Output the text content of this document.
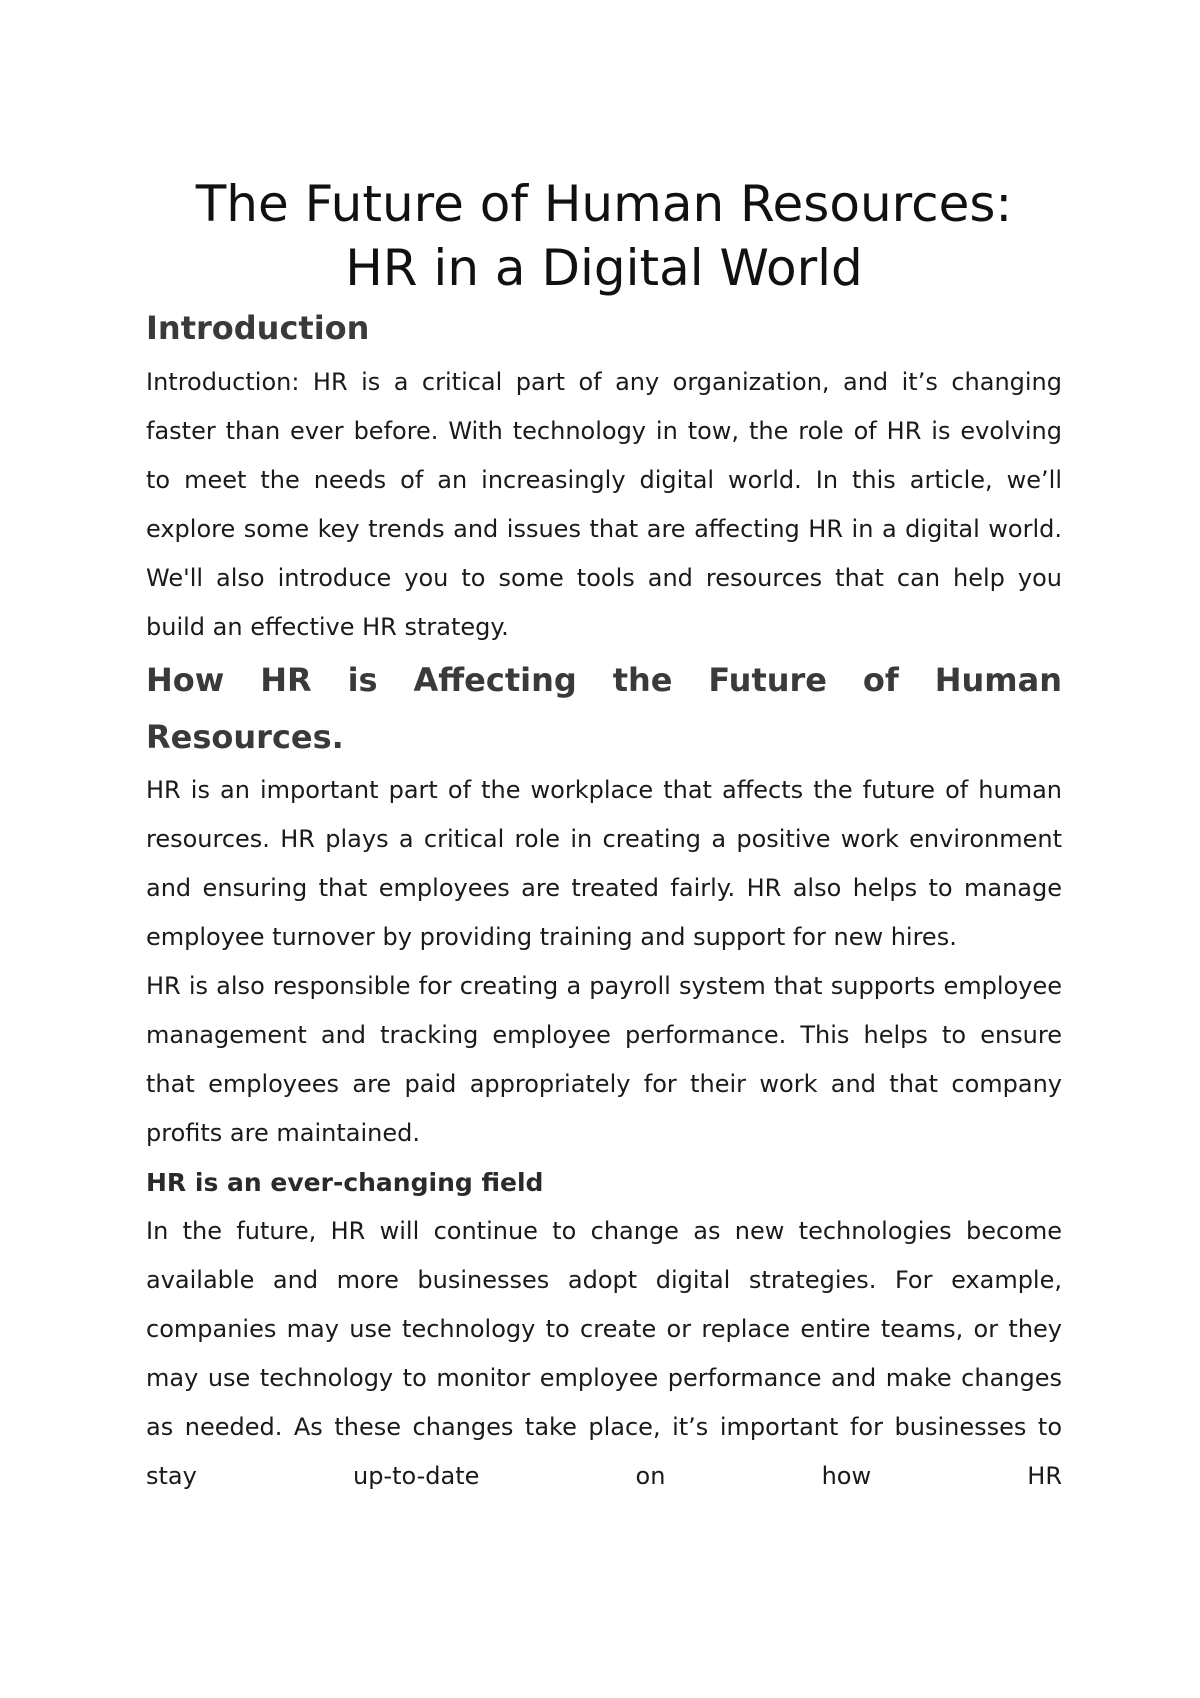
The Future of Human Resources:
HR in a Digital World
Introduction

Introduction: HR is a critical part of any organization, and it’s changing faster than ever before. With technology in tow, the role of HR is evolving to meet the needs of an increasingly digital world. In this article, we’ll explore some key trends and issues that are affecting HR in a digital world. We'll also introduce you to some tools and resources that can help you build an effective HR strategy.

How HR is Affecting the Future of Human Resources.

HR is an important part of the workplace that affects the future of human resources. HR plays a critical role in creating a positive work environment and ensuring that employees are treated fairly. HR also helps to manage employee turnover by providing training and support for new hires.

HR is also responsible for creating a payroll system that supports employee management and tracking employee performance. This helps to ensure that employees are paid appropriately for their work and that company profits are maintained.

HR is an ever-changing field

In the future, HR will continue to change as new technologies become available and more businesses adopt digital strategies. For example, companies may use technology to create or replace entire teams, or they may use technology to monitor employee performance and make changes as needed. As these changes take place, it’s important for businesses to stay up-to-date on how HR
